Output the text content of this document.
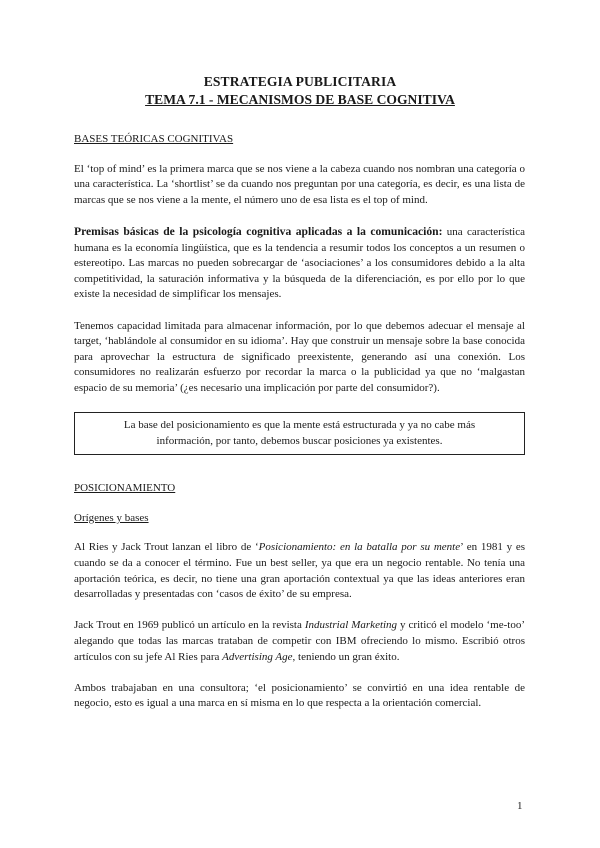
ESTRATEGIA PUBLICITARIA
TEMA 7.1 - MECANISMOS DE BASE COGNITIVA
BASES TEÓRICAS COGNITIVAS

El ‘top of mind’ es la primera marca que se nos viene a la cabeza cuando nos nombran una categoría o una característica. La ‘shortlist’ se da cuando nos preguntan por una categoría, es decir, es una lista de marcas que se nos viene a la mente, el número uno de esa lista es el top of mind.

Premisas básicas de la psicología cognitiva aplicadas a la comunicación: una característica humana es la economía lingüística, que es la tendencia a resumir todos los conceptos a un resumen o estereotipo. Las marcas no pueden sobrecargar de ‘asociaciones’ a los consumidores debido a la alta competitividad, la saturación informativa y la búsqueda de la diferenciación, es por ello por lo que existe la necesidad de simplificar los mensajes.

Tenemos capacidad limitada para almacenar información, por lo que debemos adecuar el mensaje al target, ‘hablándole al consumidor en su idioma’. Hay que construir un mensaje sobre la base conocida para aprovechar la estructura de significado preexistente, generando así una conexión. Los consumidores no realizarán esfuerzo por recordar la marca o la publicidad ya que no ‘malgastan espacio de su memoria’ (¿es necesario una implicación por parte del consumidor?).

La base del posicionamiento es que la mente está estructurada y ya no cabe más

información, por tanto, debemos buscar posiciones ya existentes.

POSICIONAMIENTO
Orígenes y bases

Al Ries y Jack Trout lanzan el libro de ‘Posicionamiento: en la batalla por su mente’ en 1981 y es cuando se da a conocer el término. Fue un best seller, ya que era un negocio rentable. No tenía una aportación teórica, es decir, no tiene una gran aportación contextual ya que las ideas anteriores eran desarrolladas y presentadas con ‘casos de éxito’ de su empresa.

Jack Trout en 1969 publicó un artículo en la revista Industrial Marketing y criticó el modelo ‘me-too’ alegando que todas las marcas trataban de competir con IBM ofreciendo lo mismo. Escribió otros artículos con su jefe Al Ries para Advertising Age, teniendo un gran éxito.

Ambos trabajaban en una consultora; ‘el posicionamiento’ se convirtió en una idea rentable de negocio, esto es igual a una marca en sí misma en lo que respecta a la orientación comercial.

1
